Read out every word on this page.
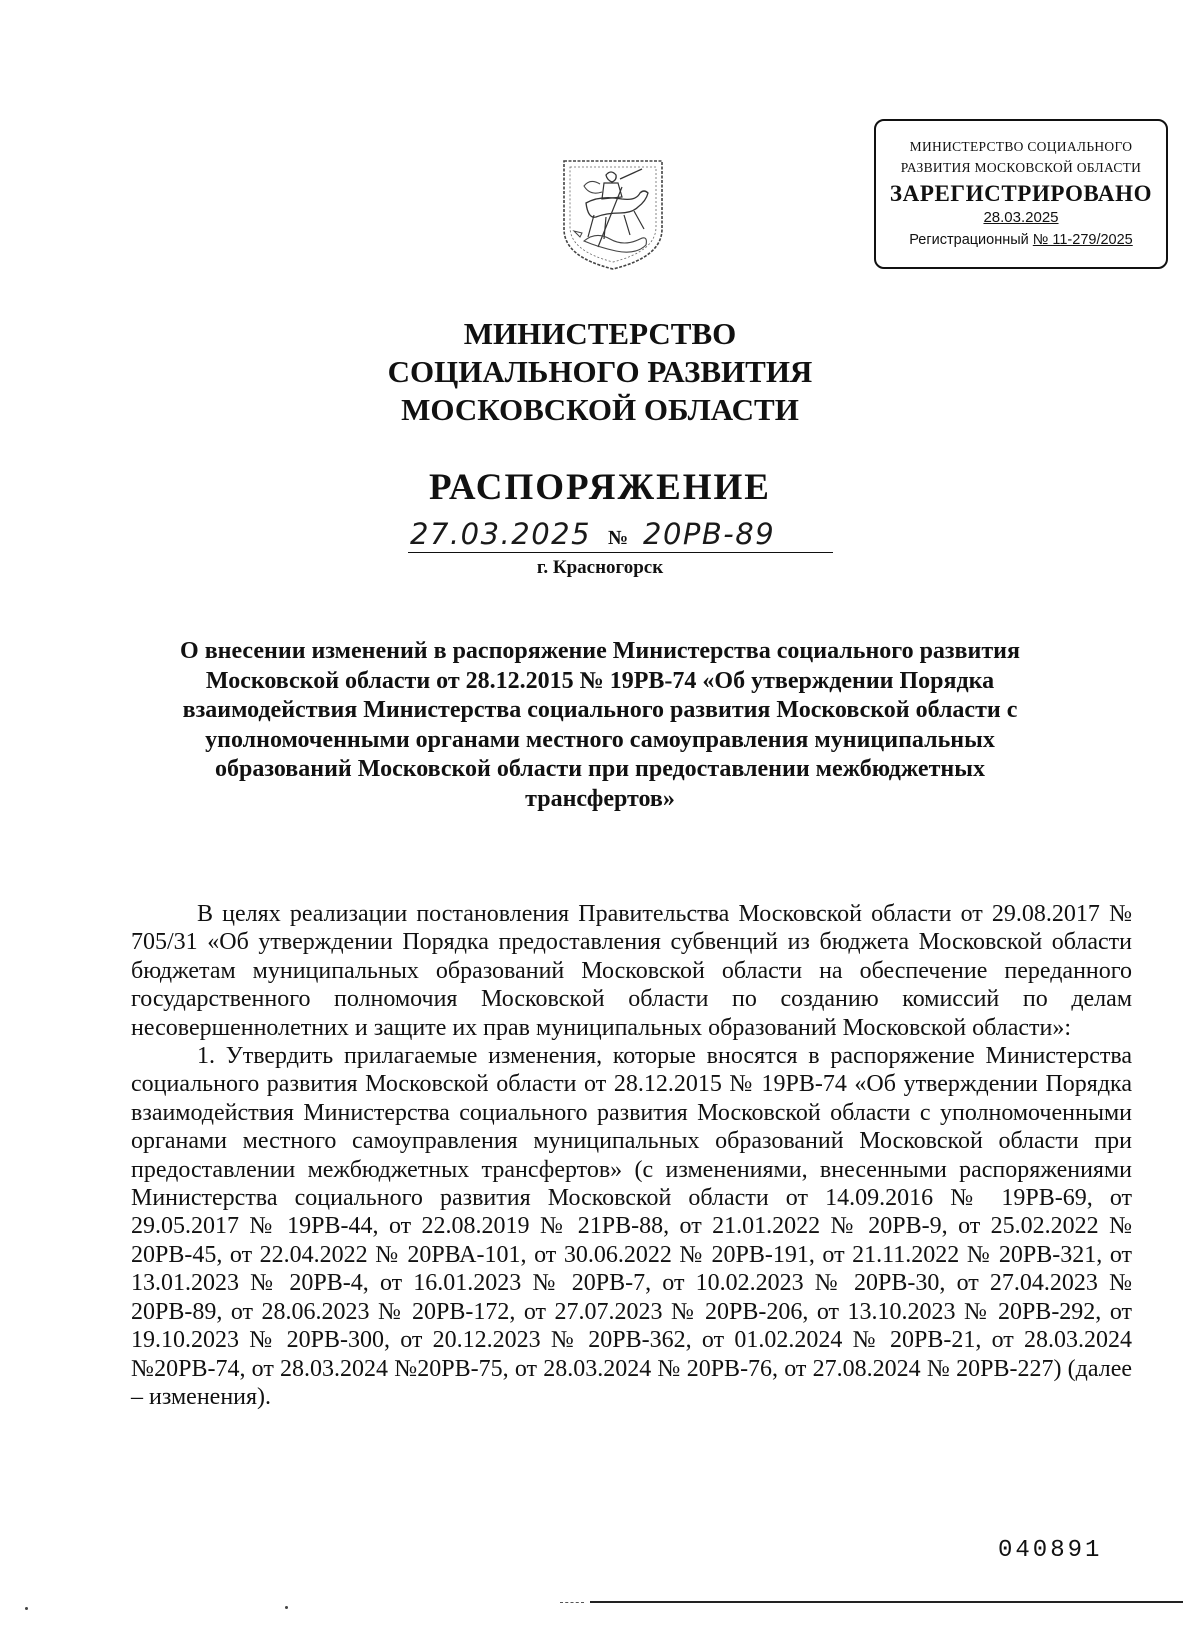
МИНИСТЕРСТВО СОЦИАЛЬНОГО
РАЗВИТИЯ МОСКОВСКОЙ ОБЛАСТИ
ЗАРЕГИСТРИРОВАНО
28.03.2025
Регистрационный № 11-279/2025
МИНИСТЕРСТВО
СОЦИАЛЬНОГО РАЗВИТИЯ
МОСКОВСКОЙ ОБЛАСТИ
РАСПОРЯЖЕНИЕ
27.03.2025 № 20РВ-89
г. Красногорск
О внесении изменений в распоряжение Министерства социального развития Московской области от 28.12.2015 № 19РВ-74 «Об утверждении Порядка взаимодействия Министерства социального развития Московской области с уполномоченными органами местного самоуправления муниципальных образований Московской области при предоставлении межбюджетных трансфертов»

В целях реализации постановления Правительства Московской области от 29.08.2017 № 705/31 «Об утверждении Порядка предоставления субвенций из бюджета Московской области бюджетам муниципальных образований Московской области на обеспечение переданного государственного полномочия Московской области по созданию комиссий по делам несовершеннолетних и защите их прав муниципальных образований Московской области»:

1. Утвердить прилагаемые изменения, которые вносятся в распоряжение Министерства социального развития Московской области от 28.12.2015 № 19РВ-74 «Об утверждении Порядка взаимодействия Министерства социального развития Московской области с уполномоченными органами местного самоуправления муниципальных образований Московской области при предоставлении межбюджетных трансфертов» (с изменениями, внесенными распоряжениями Министерства социального развития Московской области от 14.09.2016 № 19РВ-69, от 29.05.2017 № 19РВ-44, от 22.08.2019 № 21РВ-88, от 21.01.2022 № 20РВ-9, от 25.02.2022 № 20РВ-45, от 22.04.2022 № 20РВА-101, от 30.06.2022 № 20РВ-191, от 21.11.2022 № 20РВ-321, от 13.01.2023 № 20РВ-4, от 16.01.2023 № 20РВ-7, от 10.02.2023 № 20РВ-30, от 27.04.2023 № 20РВ-89, от 28.06.2023 № 20РВ-172, от 27.07.2023 № 20РВ-206, от 13.10.2023 № 20РВ-292, от 19.10.2023 № 20РВ-300, от 20.12.2023 № 20РВ-362, от 01.02.2024 № 20РВ-21, от 28.03.2024 №20РВ-74, от 28.03.2024 №20РВ-75, от 28.03.2024 № 20РВ-76, от 27.08.2024 № 20РВ-227) (далее – изменения).

040891
